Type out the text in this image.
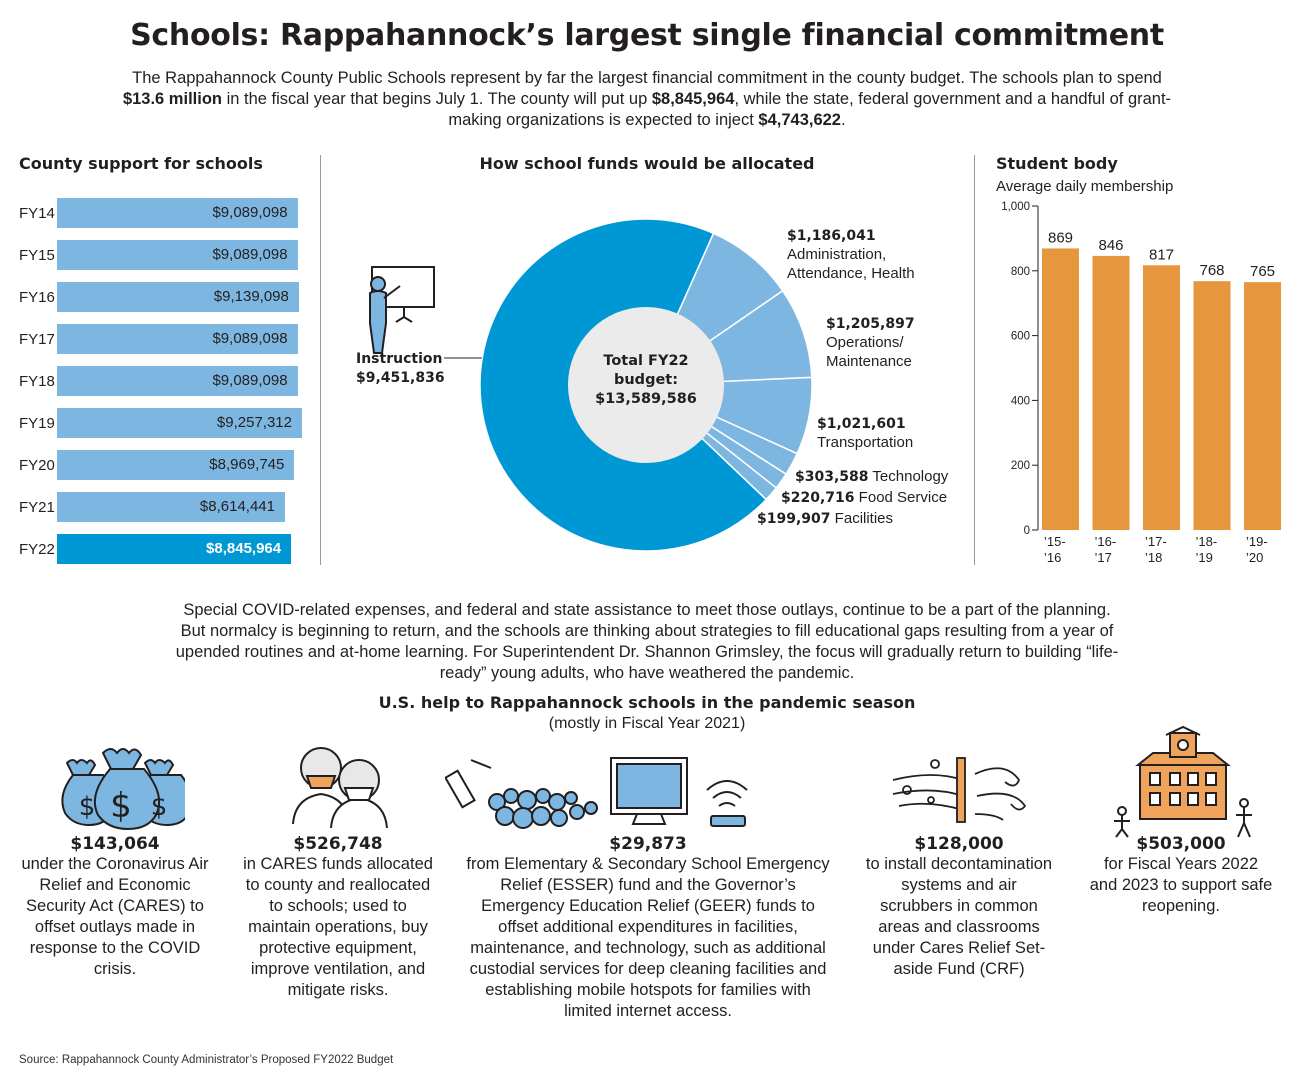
Schools: Rappahannock’s largest single financial commitment
The Rappahannock County Public Schools represent by far the largest financial commitment in the county budget. The schools plan to spend $13.6 million in the fiscal year that begins July 1. The county will put up $8,845,964, while the state, federal government and a handful of grant-making organizations is expected to inject $4,743,622.
County support for schools
FY14	$9,089,098
FY15	$9,089,098
FY16	$9,139,098
FY17	$9,089,098
FY18	$9,089,098
FY19	$9,257,312
FY20	$8,969,745
FY21	$8,614,441
FY22	$8,845,964
How school funds would be allocated
Total FY22
budget:
$13,589,586
Instruction
$9,451,836
$1,186,041 Administration, Attendance, Health
$1,205,897 Operations/ Maintenance
$1,021,601 Transportation
$303,588 Technology
$220,716 Food Service
$199,907 Facilities
Student body
Average daily membership
0
200
400
600
800
1,000
869
’15-
’16
846
’16-
’17
817
’17-
’18
768
’18-
’19
765
’19-
’20
Special COVID-related expenses, and federal and state assistance to meet those outlays, continue to be a part of the planning. But normalcy is beginning to return, and the schools are thinking about strategies to fill educational gaps resulting from a year of upended routines and at-home learning. For Superintendent Dr. Shannon Grimsley, the focus will gradually return to building “life-ready” young adults, who have weathered the pandemic.
U.S. help to Rappahannock schools in the pandemic season
(mostly in Fiscal Year 2021)
$ $ $
$143,064
under the Coronavirus Air Relief and Economic Security Act (CARES) to offset outlays made in response to the COVID crisis.
$526,748
in CARES funds allocated to county and reallocated to schools; used to maintain operations, buy protective equipment, improve ventilation, and mitigate risks.
$29,873
from Elementary & Secondary School Emergency Relief (ESSER) fund and the Governor’s Emergency Education Relief (GEER) funds to offset additional expenditures in facilities, maintenance, and technology, such as additional custodial services for deep cleaning facilities and establishing mobile hotspots for families with limited internet access.
$128,000
to install decontamination systems and air scrubbers in common areas and classrooms under Cares Relief Set-aside Fund (CRF)
$503,000
for Fiscal Years 2022 and 2023 to support safe reopening.
Source: Rappahannock County Administrator’s Proposed FY2022 Budget
